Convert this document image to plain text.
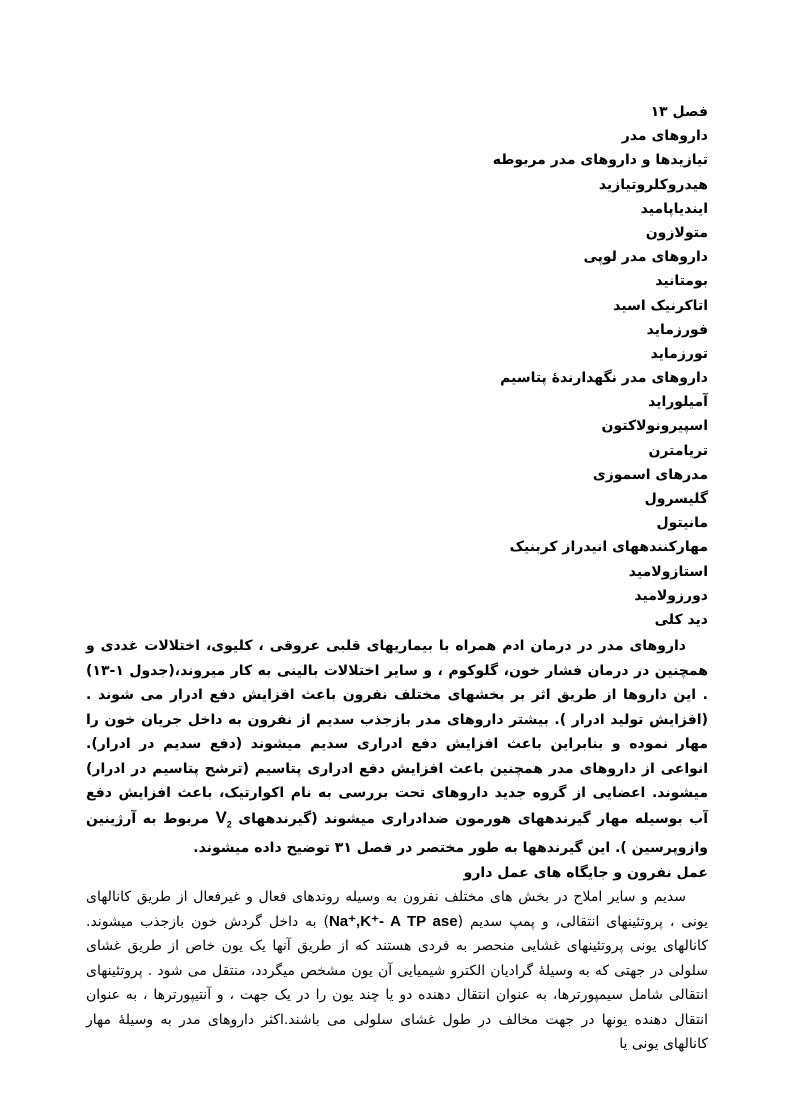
فصل ۱۳
داروهای مدر
تیازیدها و داروهای مدر مربوطه
هیدروکلروتیازید
ایندیاپامید
متولازون
داروهای مدر لوپی
بومتانید
اتاکرنیک اسید
فورزماید
تورزماید
داروهای مدر نگهدارندهٔ پتاسیم
آمیلوراید
اسپیرونولاکتون
تریامترن
مدرهای اسموزی
گلیسرول
مانیتول
مهارکنندههای انیدراز کربنیک
استازولامید
دورزولامید
دید کلی

داروهای مدر در درمان ادم همراه با بیماریهای قلبی عروقی ، کلیوی، اختلالات غددی و همچنین در درمان فشار خون، گلوکوم ، و سایر اختلالات بالینی به کار میروند،(جدول ۱-۱۳) . این داروها از طریق اثر بر بخشهای مختلف نفرون باعث افزایش دفع ادرار می شوند . (افزایش تولید ادرار ). بیشتر داروهای مدر بازجذب سدیم از نفرون به داخل جریان خون را مهار نموده و بنابراین باعث افزایش دفع ادراری سدیم میشوند (دفع سدیم در ادرار). انواعی از داروهای مدر همچنین باعث افزایش دفع ادراری پتاسیم (ترشح پتاسیم در ادرار) میشوند. اعضایی از گروه جدید داروهای تحت بررسی به نام اکوارتیک، باعث افزایش دفع آب بوسیله مهار گیرندههای هورمون ضدادراری میشوند (گیرندههای $V_2$ مربوط به آرژینین وازوپرسین ). این گیرندهها به طور مختصر در فصل ۳۱ توضیح داده میشوند.

عمل نفرون و جایگاه های عمل دارو

سدیم و سایر املاح در بخش های مختلف نفرون به وسیله روندهای فعال و غیرفعال از طریق کانالهای یونی ، پروتئینهای انتقالی، و پمپ سدیم (Na⁺,K⁺- A TP ase) به داخل گردش خون بازجذب میشوند. کانالهای یونی پروتئینهای غشایی منحصر به فردی هستند که از طریق آنها یک یون خاص از طریق غشای سلولی در جهتی که به وسیلهٔ گرادیان الکترو شیمیایی آن یون مشخص میگردد، منتقل می شود . پروتئینهای انتقالی شامل سیمپورترها، به عنوان انتقال دهنده دو یا چند یون را در یک جهت ، و آنتیپورترها ، به عنوان انتقال دهنده یونها در جهت مخالف در طول غشای سلولی می باشند.اکثر داروهای مدر به وسیلهٔ مهار کانالهای یونی یا
